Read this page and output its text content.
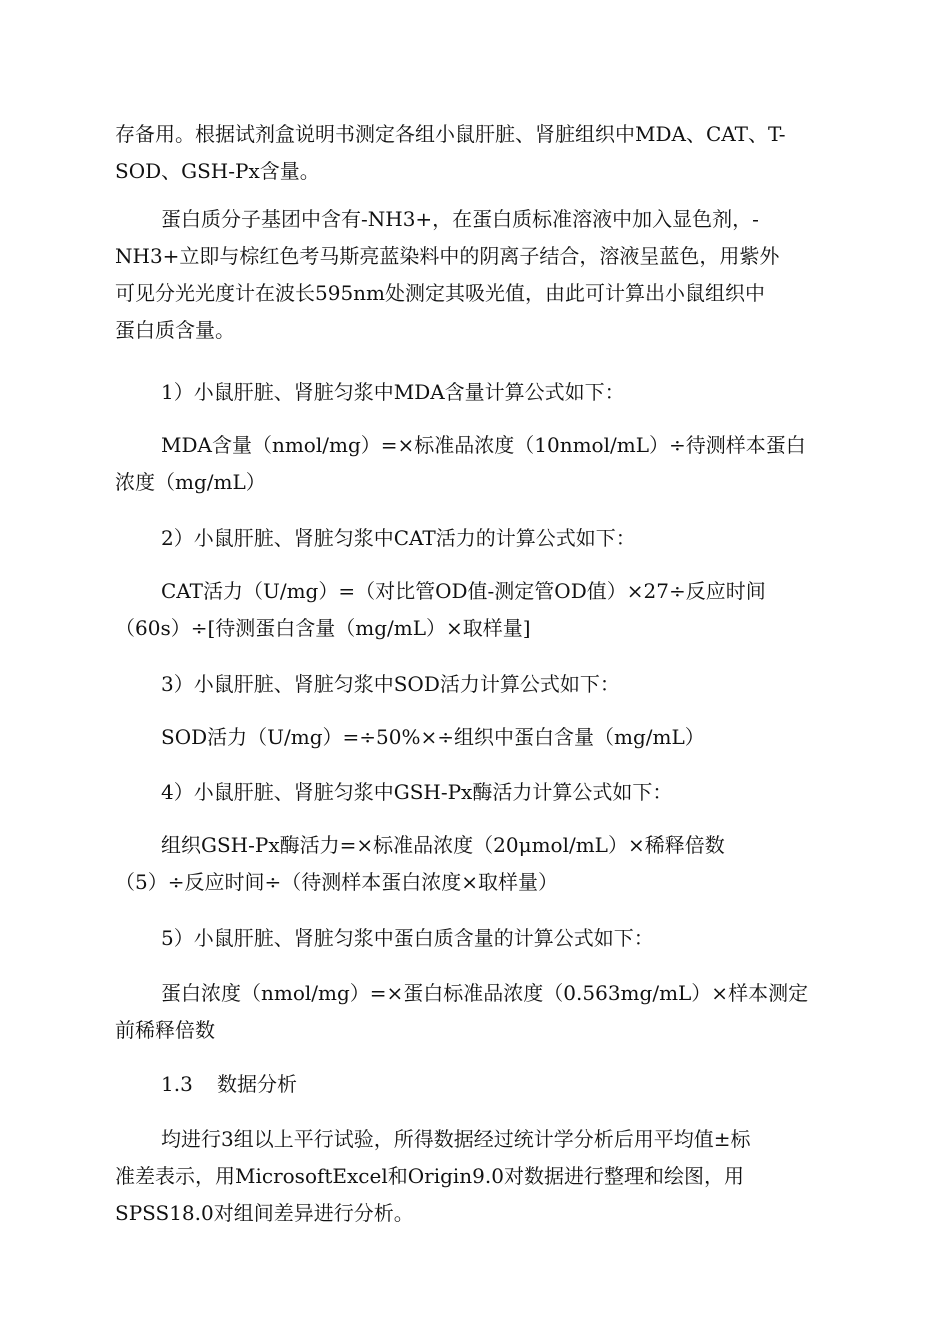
存备用。根据试剂盒说明书测定各组小鼠肝脏、肾脏组织中MDA、CAT、T-
SOD、GSH-Px含量。

蛋白质分子基团中含有-NH3+，在蛋白质标准溶液中加入显色剂，-
NH3+立即与棕红色考马斯亮蓝染料中的阴离子结合，溶液呈蓝色，用紫外
可见分光光度计在波长595nm处测定其吸光值，由此可计算出小鼠组织中
蛋白质含量。

1）小鼠肝脏、肾脏匀浆中MDA含量计算公式如下：

MDA含量（nmol/mg）=×标准品浓度（10nmol/mL）÷待测样本蛋白
浓度（mg/mL）

2）小鼠肝脏、肾脏匀浆中CAT活力的计算公式如下：

CAT活力（U/mg）=（对比管OD值-测定管OD值）×27÷反应时间
（60s）÷[待测蛋白含量（mg/mL）×取样量]

3）小鼠肝脏、肾脏匀浆中SOD活力计算公式如下：

SOD活力（U/mg）=÷50%×÷组织中蛋白含量（mg/mL）

4）小鼠肝脏、肾脏匀浆中GSH-Px酶活力计算公式如下：

组织GSH-Px酶活力=×标准品浓度（20μmol/mL）×稀释倍数
（5）÷反应时间÷（待测样本蛋白浓度×取样量）

5）小鼠肝脏、肾脏匀浆中蛋白质含量的计算公式如下：

蛋白浓度（nmol/mg）=×蛋白标准品浓度（0.563mg/mL）×样本测定
前稀释倍数

1.3 数据分析

均进行3组以上平行试验，所得数据经过统计学分析后用平均值±标
准差表示，用MicrosoftExcel和Origin9.0对数据进行整理和绘图，用
SPSS18.0对组间差异进行分析。
